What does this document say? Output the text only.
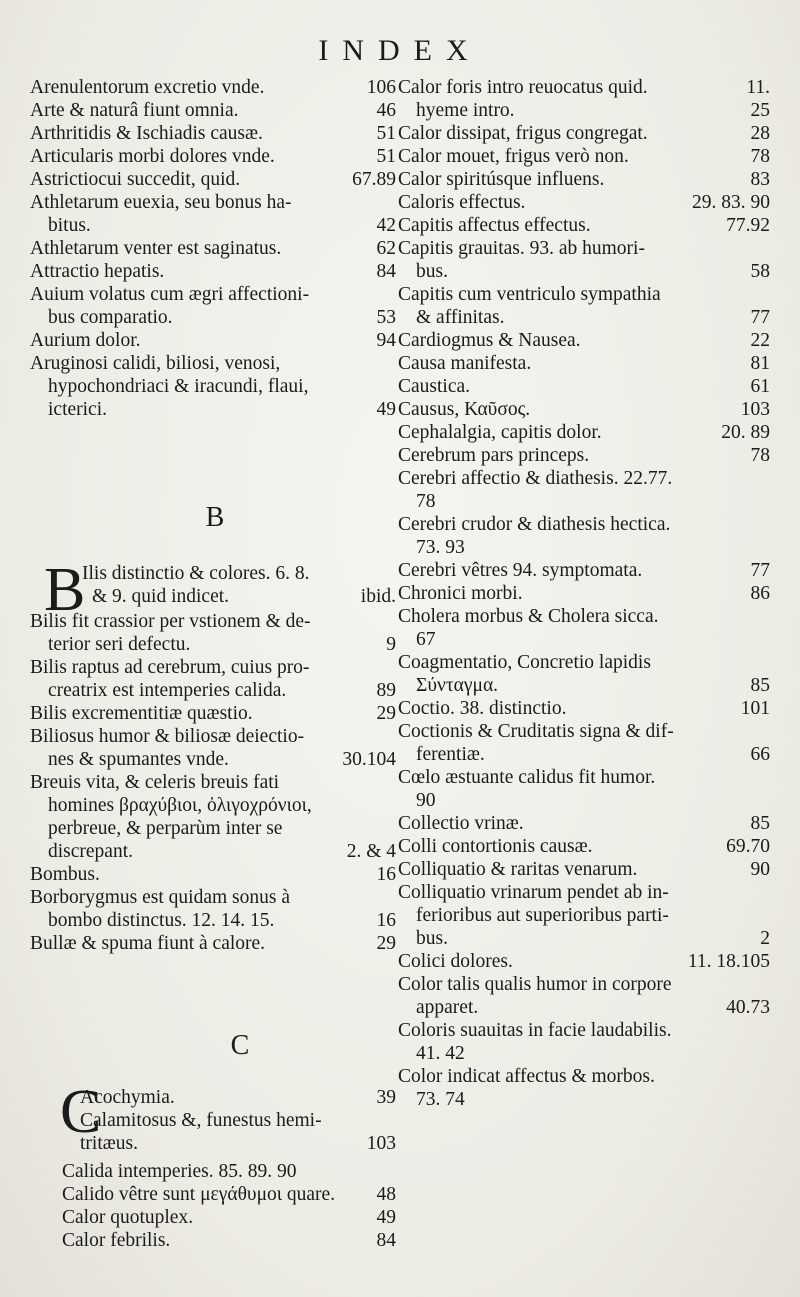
INDEX
Arenulentorum excretio vnde.	106
Arte & naturâ fiunt omnia.	46
Arthritidis & Ischiadis causæ.	51
Articularis morbi dolores vnde.	51
Astrictiocui succedit, quid.	67.89
Athletarum euexia, seu bonus ha-
bitus.	42
Athletarum venter est saginatus.	62
Attractio hepatis.	84
Auium volatus cum ægri affectioni-
bus comparatio.	53
Aurium dolor.	94
Aruginosi calidi, biliosi, venosi,
hypochondriaci & iracundi, flaui,
icterici.	49
B
B
Ilis distinctio & colores. 6. 8.
& 9. quid indicet.	ibid.
Bilis fit crassior per vstionem & de-
terior seri defectu.	9
Bilis raptus ad cerebrum, cuius pro-
creatrix est intemperies calida.	89
Bilis excrementitiæ quæstio.	29
Biliosus humor & biliosæ deiectio-
nes & spumantes vnde.	30.104
Breuis vita, & celeris breuis fati
homines βραχύβιοι, ὀλιγοχρόνιοι,
perbreue, & perparùm inter se
discrepant.	2. & 4
Bombus.	16
Borborygmus est quidam sonus à
bombo distinctus. 12. 14. 15.	16
Bullæ & spuma fiunt à calore.	29
C
C
Acochymia.	39
Calamitosus &, funestus hemi-
tritæus.	103
Calida intemperies. 85. 89. 90
Calido vêtre sunt μεγάθυμοι quare. 48
Calor quotuplex.	49
Calor febrilis.	84
Calor foris intro reuocatus quid.	11.
hyeme intro.	25
Calor dissipat, frigus congregat.	28
Calor mouet, frigus verò non.	78
Calor spiritúsque influens.	83
Caloris effectus.	29. 83. 90
Capitis affectus effectus.	77.92
Capitis grauitas. 93. ab humori-
bus.	58
Capitis cum ventriculo sympathia
& affinitas.	77
Cardiogmus & Nausea.	22
Causa manifesta.	81
Caustica.	61
Causus, Καῦσος.	103
Cephalalgia, capitis dolor.	20. 89
Cerebrum pars princeps.	78
Cerebri affectio & diathesis. 22.77.
78
Cerebri crudor & diathesis hectica.
73. 93
Cerebri vêtres 94. symptomata.	77
Chronici morbi.	86
Cholera morbus & Cholera sicca.
67
Coagmentatio, Concretio lapidis
Σύνταγμα.	85
Coctio. 38. distinctio.	101
Coctionis & Cruditatis signa & dif-
ferentiæ.	66
Cœlo æstuante calidus fit humor.
90
Collectio vrinæ.	85
Colli contortionis causæ.	69.70
Colliquatio & raritas venarum.	90
Colliquatio vrinarum pendet ab in-
ferioribus aut superioribus parti-
bus.	2
Colici dolores.	11. 18.105
Color talis qualis humor in corpore
apparet.	40.73
Coloris suauitas in facie laudabilis.
41. 42
Color indicat affectus & morbos.
73. 74
